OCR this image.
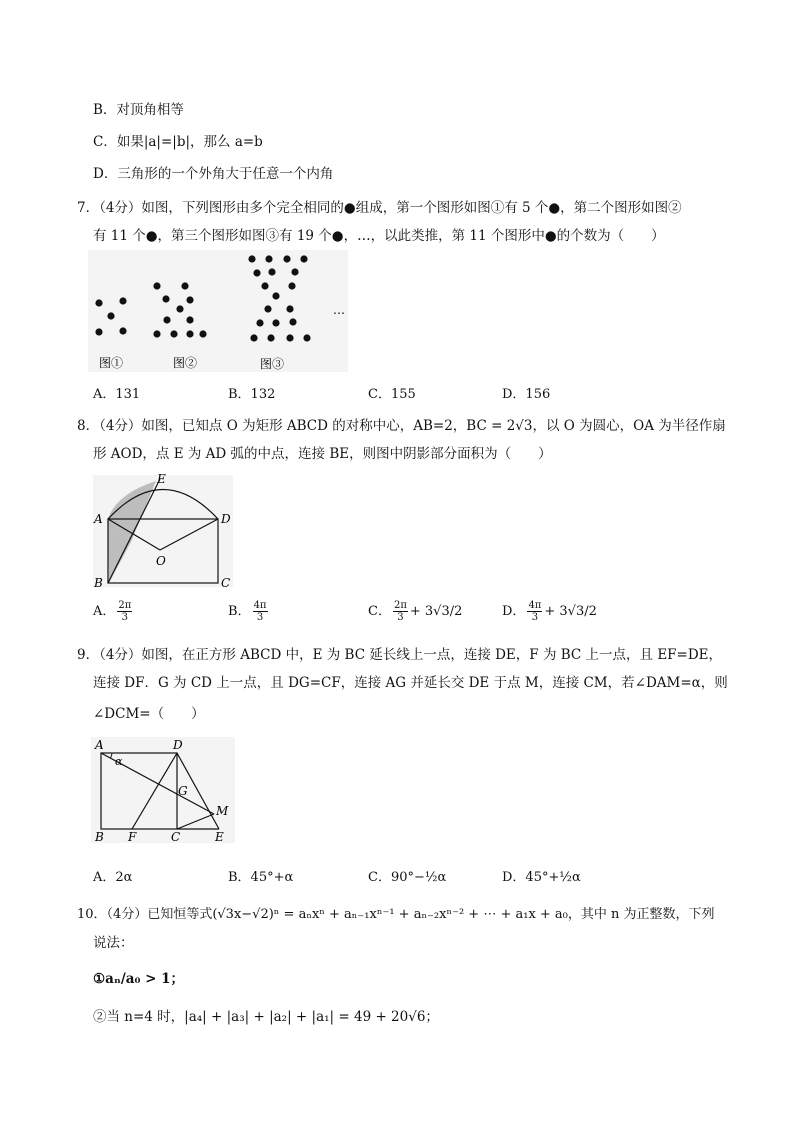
B．对顶角相等
C．如果|a|=|b|，那么 a=b
D．三角形的一个外角大于任意一个内角
7．（4分）如图，下列图形由多个完全相同的●组成，第一个图形如图①有 5 个●，第二个图形如图②
有 11 个●，第三个图形如图③有 19 个●，…，以此类推，第 11 个图形中●的个数为（　　）
…
图①	图②	图③
A．131	B．132	C．155	D．156
8．（4分）如图，已知点 O 为矩形 ABCD 的对称中心，AB=2，BC = 2√3，以 O 为圆心，OA 为半径作扇
形 AOD，点 E 为 AD 弧的中点，连接 BE，则图中阴影部分面积为（　　）
A	D
E
O
B	C
A． $\frac{2\pi}{3}$	B． $\frac{4\pi}{3}$	C． $\frac{2\pi}{3} + 3√3/2$	D． $\frac{4\pi}{3} + 3√3/2$
9．（4分）如图，在正方形 ABCD 中，E 为 BC 延长线上一点，连接 DE，F 为 BC 上一点，且 EF=DE，
连接 DF．G 为 CD 上一点，且 DG=CF，连接 AG 并延长交 DE 于点 M，连接 CM，若∠DAM=α，则
∠DCM=（　　）
A	D
α
G
M
B F	C	E
A．2α	B．45°+α	C．90°−½α	D．45°+½α
10．（4分）已知恒等式(√3x−√2)ⁿ = aₙxⁿ + aₙ₋₁xⁿ⁻¹ + aₙ₋₂xⁿ⁻² + ⋯ + a₁x + a₀，其中 n 为正整数，下列
说法：
①aₙ/a₀ > 1；
②当 n=4 时，|a₄| + |a₃| + |a₂| + |a₁| = 49 + 20√6；
